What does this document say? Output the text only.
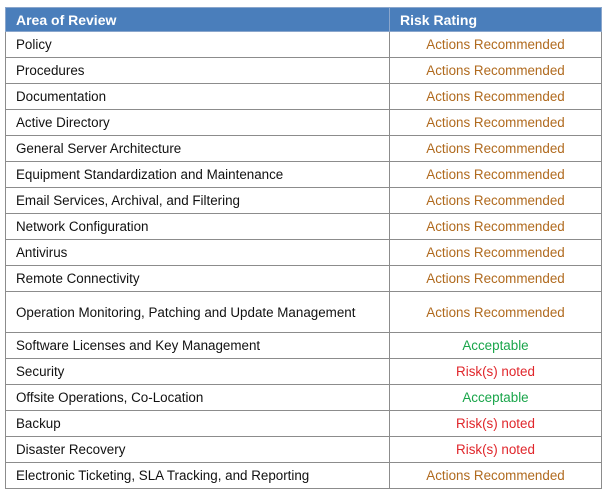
Area of Review	Risk Rating
Policy	Actions Recommended
Procedures	Actions Recommended
Documentation	Actions Recommended
Active Directory	Actions Recommended
General Server Architecture	Actions Recommended
Equipment Standardization and Maintenance	Actions Recommended
Email Services, Archival, and Filtering	Actions Recommended
Network Configuration	Actions Recommended
Antivirus	Actions Recommended
Remote Connectivity	Actions Recommended
Operation Monitoring, Patching and Update Management	Actions Recommended
Software Licenses and Key Management	Acceptable
Security	Risk(s) noted
Offsite Operations, Co-Location	Acceptable
Backup	Risk(s) noted
Disaster Recovery	Risk(s) noted
Electronic Ticketing, SLA Tracking, and Reporting	Actions Recommended
